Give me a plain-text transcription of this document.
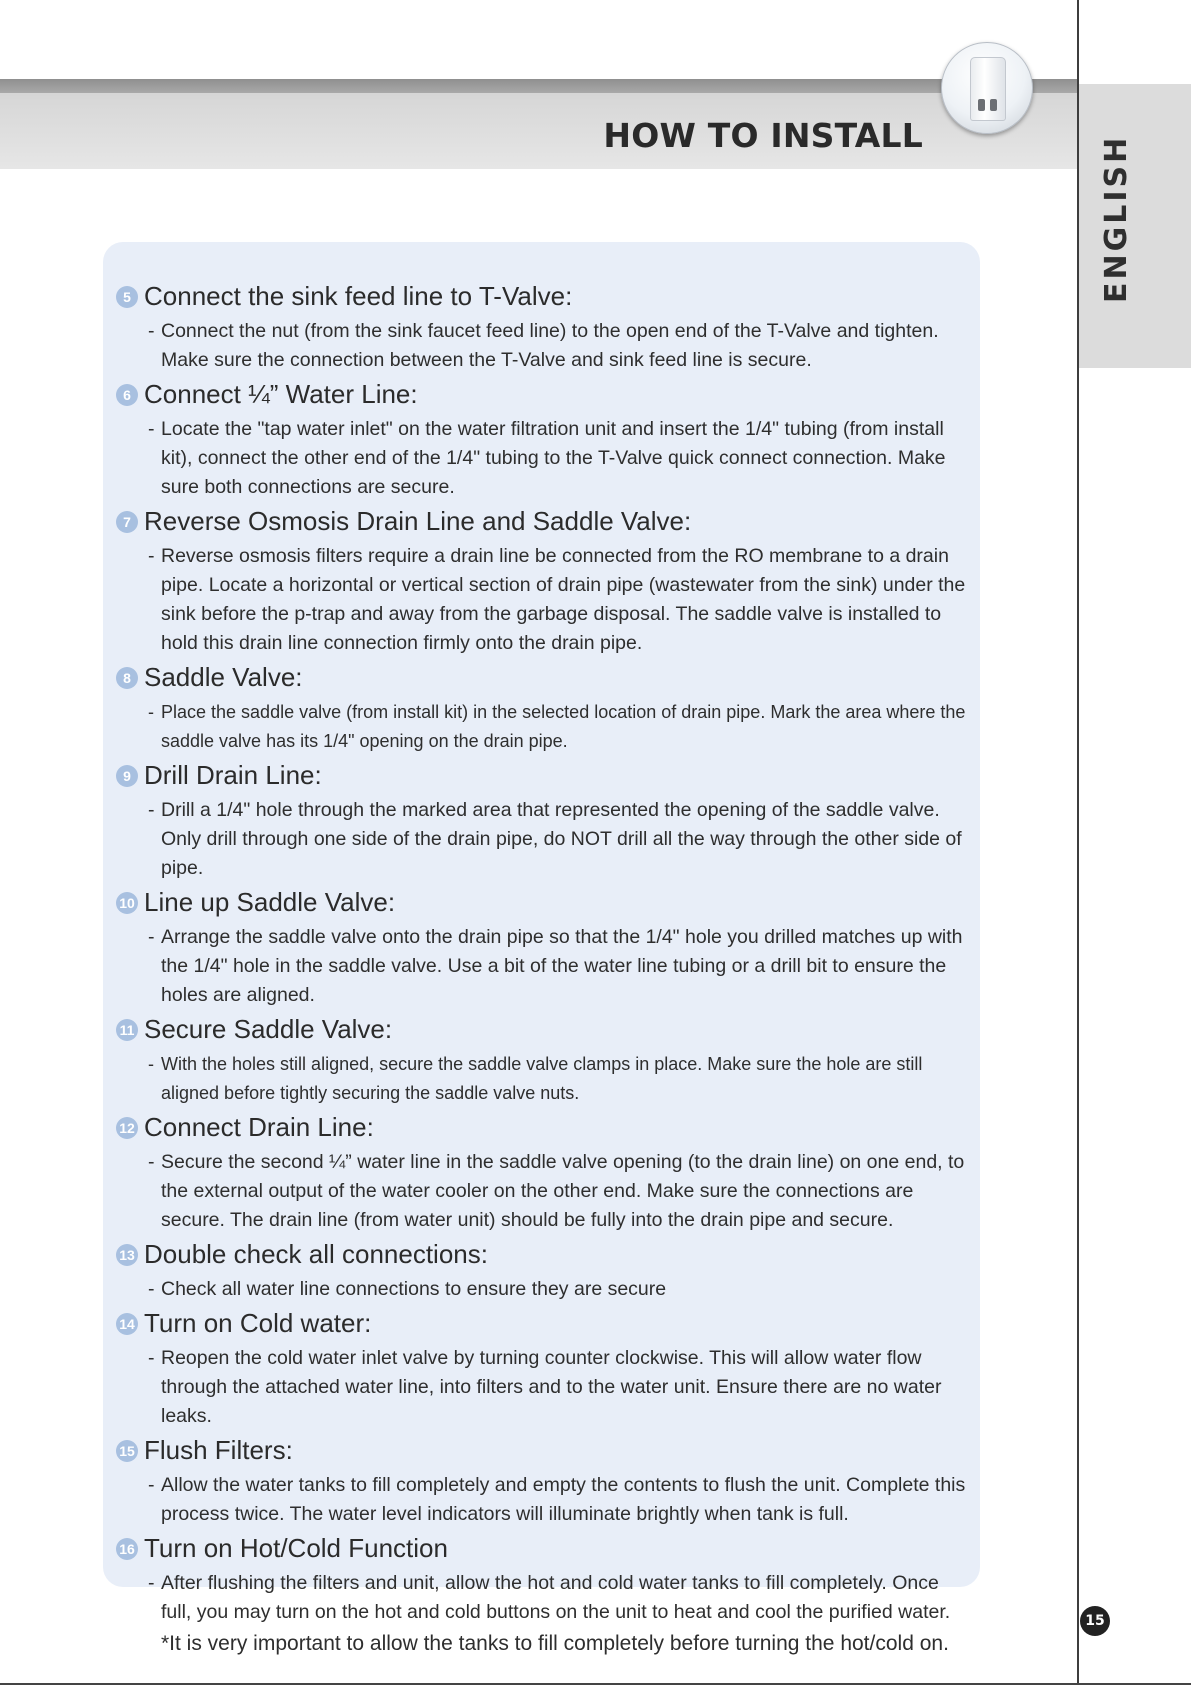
HOW TO INSTALL	ENGLISH
5 Connect the sink feed line to T-Valve:
- Connect the nut (from the sink faucet feed line) to the open end of the T-Valve and tighten. Make sure the connection between the T-Valve and sink feed line is secure.
6 Connect ¼” Water Line:
- Locate the "tap water inlet" on the water filtration unit and insert the 1/4" tubing (from install kit), connect the other end of the 1/4" tubing to the T-Valve quick connect connection. Make sure both connections are secure.
7 Reverse Osmosis Drain Line and Saddle Valve:
- Reverse osmosis filters require a drain line be connected from the RO membrane to a drain pipe. Locate a horizontal or vertical section of drain pipe (wastewater from the sink) under the sink before the p-trap and away from the garbage disposal. The saddle valve is installed to hold this drain line connection firmly onto the drain pipe.
8 Saddle Valve:
- Place the saddle valve (from install kit) in the selected location of drain pipe. Mark the area where the saddle valve has its 1/4" opening on the drain pipe.
9 Drill Drain Line:
- Drill a 1/4" hole through the marked area that represented the opening of the saddle valve. Only drill through one side of the drain pipe, do NOT drill all the way through the other side of pipe.
10 Line up Saddle Valve:
- Arrange the saddle valve onto the drain pipe so that the 1/4" hole you drilled matches up with the 1/4" hole in the saddle valve. Use a bit of the water line tubing or a drill bit to ensure the holes are aligned.
11 Secure Saddle Valve:
- With the holes still aligned, secure the saddle valve clamps in place. Make sure the hole are still aligned before tightly securing the saddle valve nuts.
12 Connect Drain Line:
- Secure the second ¼” water line in the saddle valve opening (to the drain line) on one end, to the external output of the water cooler on the other end. Make sure the connections are secure. The drain line (from water unit) should be fully into the drain pipe and secure.
13 Double check all connections:
- Check all water line connections to ensure they are secure
14 Turn on Cold water:
- Reopen the cold water inlet valve by turning counter clockwise. This will allow water flow through the attached water line, into filters and to the water unit. Ensure there are no water leaks.
15 Flush Filters:
- Allow the water tanks to fill completely and empty the contents to flush the unit. Complete this process twice. The water level indicators will illuminate brightly when tank is full.
16 Turn on Hot/Cold Function
- After flushing the filters and unit, allow the hot and cold water tanks to fill completely. Once full, you may turn on the hot and cold buttons on the unit to heat and cool the purified water.
*It is very important to allow the tanks to fill completely before turning the hot/cold on.
15
